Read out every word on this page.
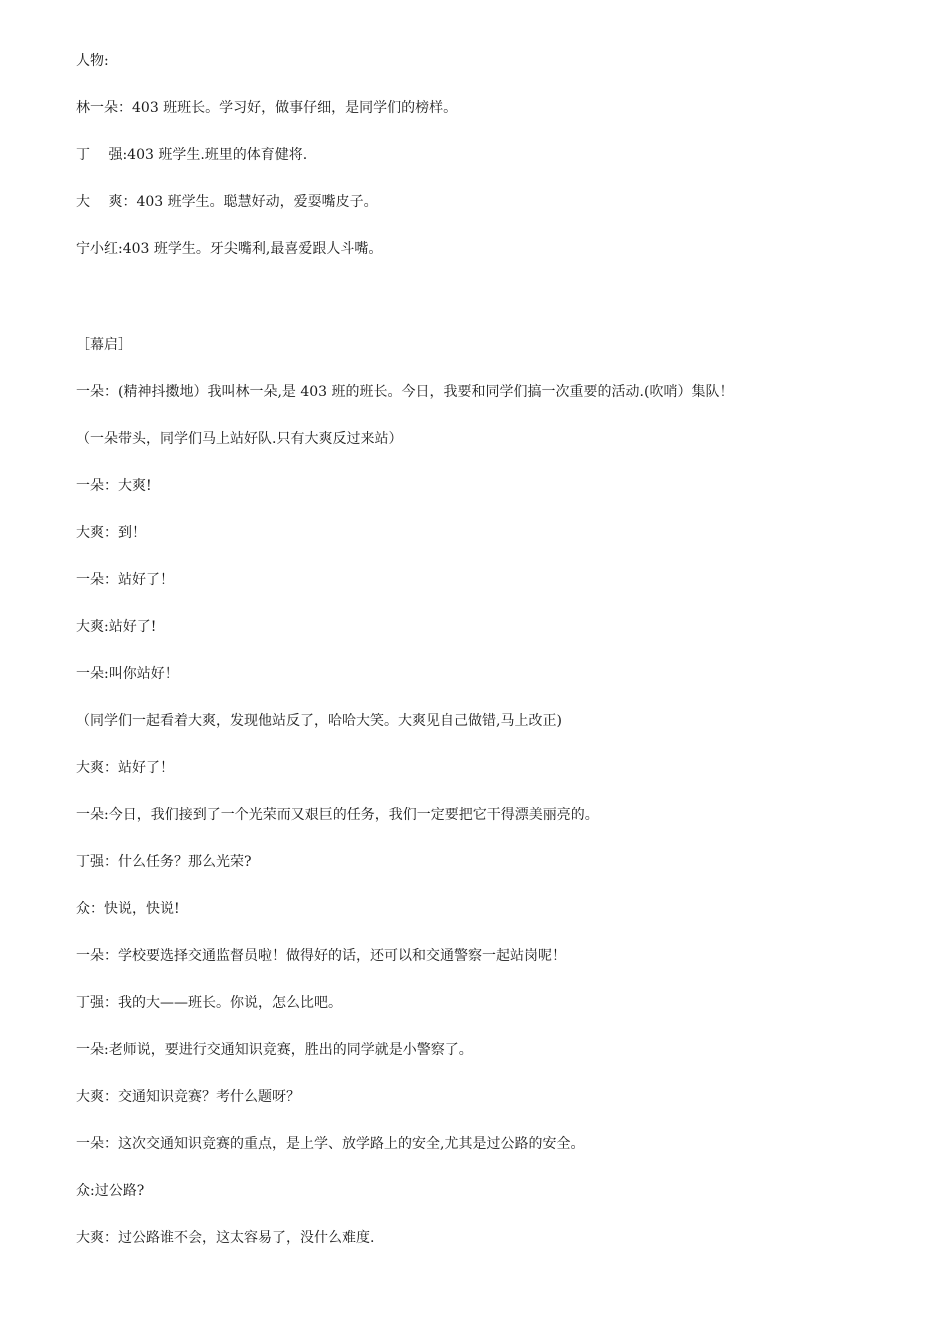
人物:

林一朵：403 班班长。学习好，做事仔细，是同学们的榜样。

丁　 强:403 班学生.班里的体育健将.

大　 爽：403 班学生。聪慧好动，爱耍嘴皮子。

宁小红:403 班学生。牙尖嘴利,最喜爱跟人斗嘴。

［幕启］

一朵：(精神抖擞地）我叫林一朵,是 403 班的班长。今日，我要和同学们搞一次重要的活动.(吹哨）集队！

（一朵带头，同学们马上站好队.只有大爽反过来站）

一朵：大爽!

大爽：到！

一朵：站好了！

大爽:站好了!

一朵:叫你站好！

（同学们一起看着大爽，发现他站反了，哈哈大笑。大爽见自己做错,马上改正)

大爽：站好了！

一朵:今日，我们接到了一个光荣而又艰巨的任务，我们一定要把它干得漂美丽亮的。

丁强：什么任务？那么光荣?

众：快说，快说!

一朵：学校要选择交通监督员啦！做得好的话，还可以和交通警察一起站岗呢！

丁强：我的大——班长。你说，怎么比吧。

一朵:老师说，要进行交通知识竞赛，胜出的同学就是小警察了。

大爽：交通知识竞赛？考什么题呀？

一朵：这次交通知识竞赛的重点，是上学、放学路上的安全,尤其是过公路的安全。

众:过公路?

大爽：过公路谁不会，这太容易了，没什么难度.
